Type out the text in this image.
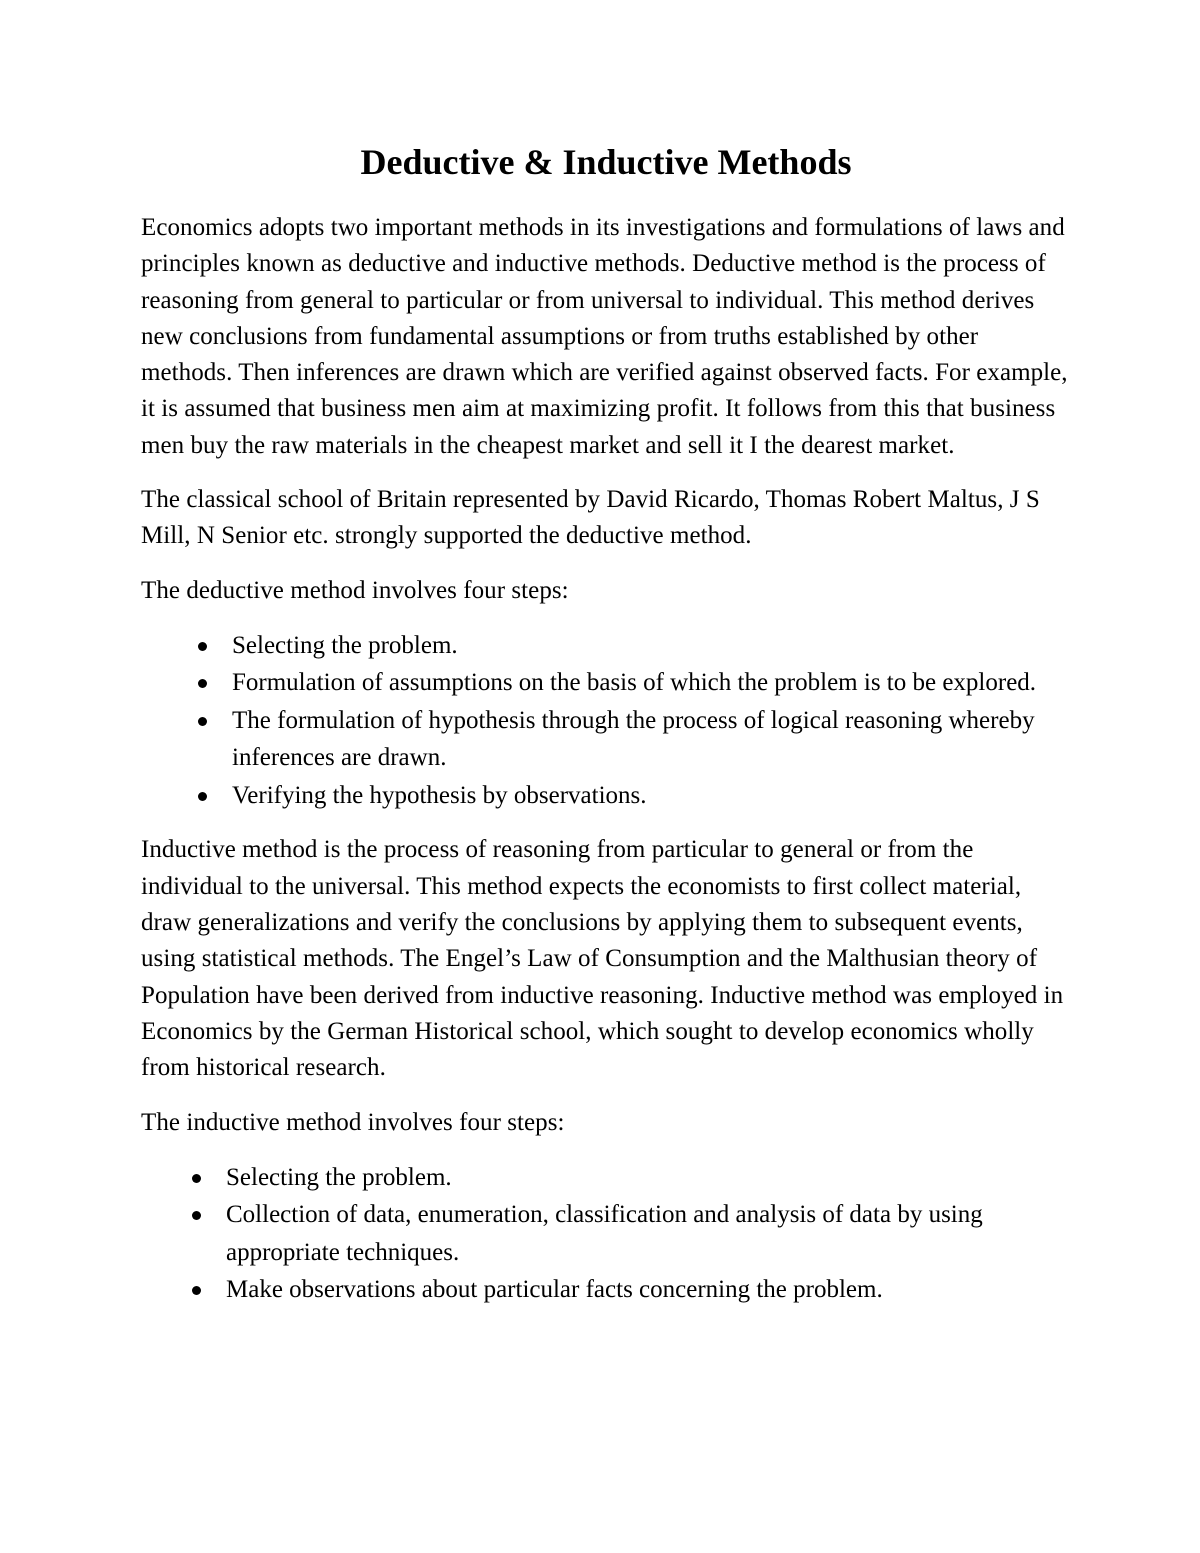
Deductive & Inductive Methods

Economics adopts two important methods in its investigations and formulations of laws and principles known as deductive and inductive methods. Deductive method is the process of reasoning from general to particular or from universal to individual. This method derives new conclusions from fundamental assumptions or from truths established by other methods. Then inferences are drawn which are verified against observed facts. For example, it is assumed that business men aim at maximizing profit. It follows from this that business men buy the raw materials in the cheapest market and sell it I the dearest market.

The classical school of Britain represented by David Ricardo, Thomas Robert Maltus, J S Mill, N Senior etc. strongly supported the deductive method.

The deductive method involves four steps:

Selecting the problem.
Formulation of assumptions on the basis of which the problem is to be explored.
The formulation of hypothesis through the process of logical reasoning whereby inferences are drawn.
Verifying the hypothesis by observations.

Inductive method is the process of reasoning from particular to general or from the individual to the universal. This method expects the economists to first collect material, draw generalizations and verify the conclusions by applying them to subsequent events, using statistical methods. The Engel’s Law of Consumption and the Malthusian theory of Population have been derived from inductive reasoning. Inductive method was employed in Economics by the German Historical school, which sought to develop economics wholly from historical research.

The inductive method involves four steps:

Selecting the problem.
Collection of data, enumeration, classification and analysis of data by using appropriate techniques.
Make observations about particular facts concerning the problem.
